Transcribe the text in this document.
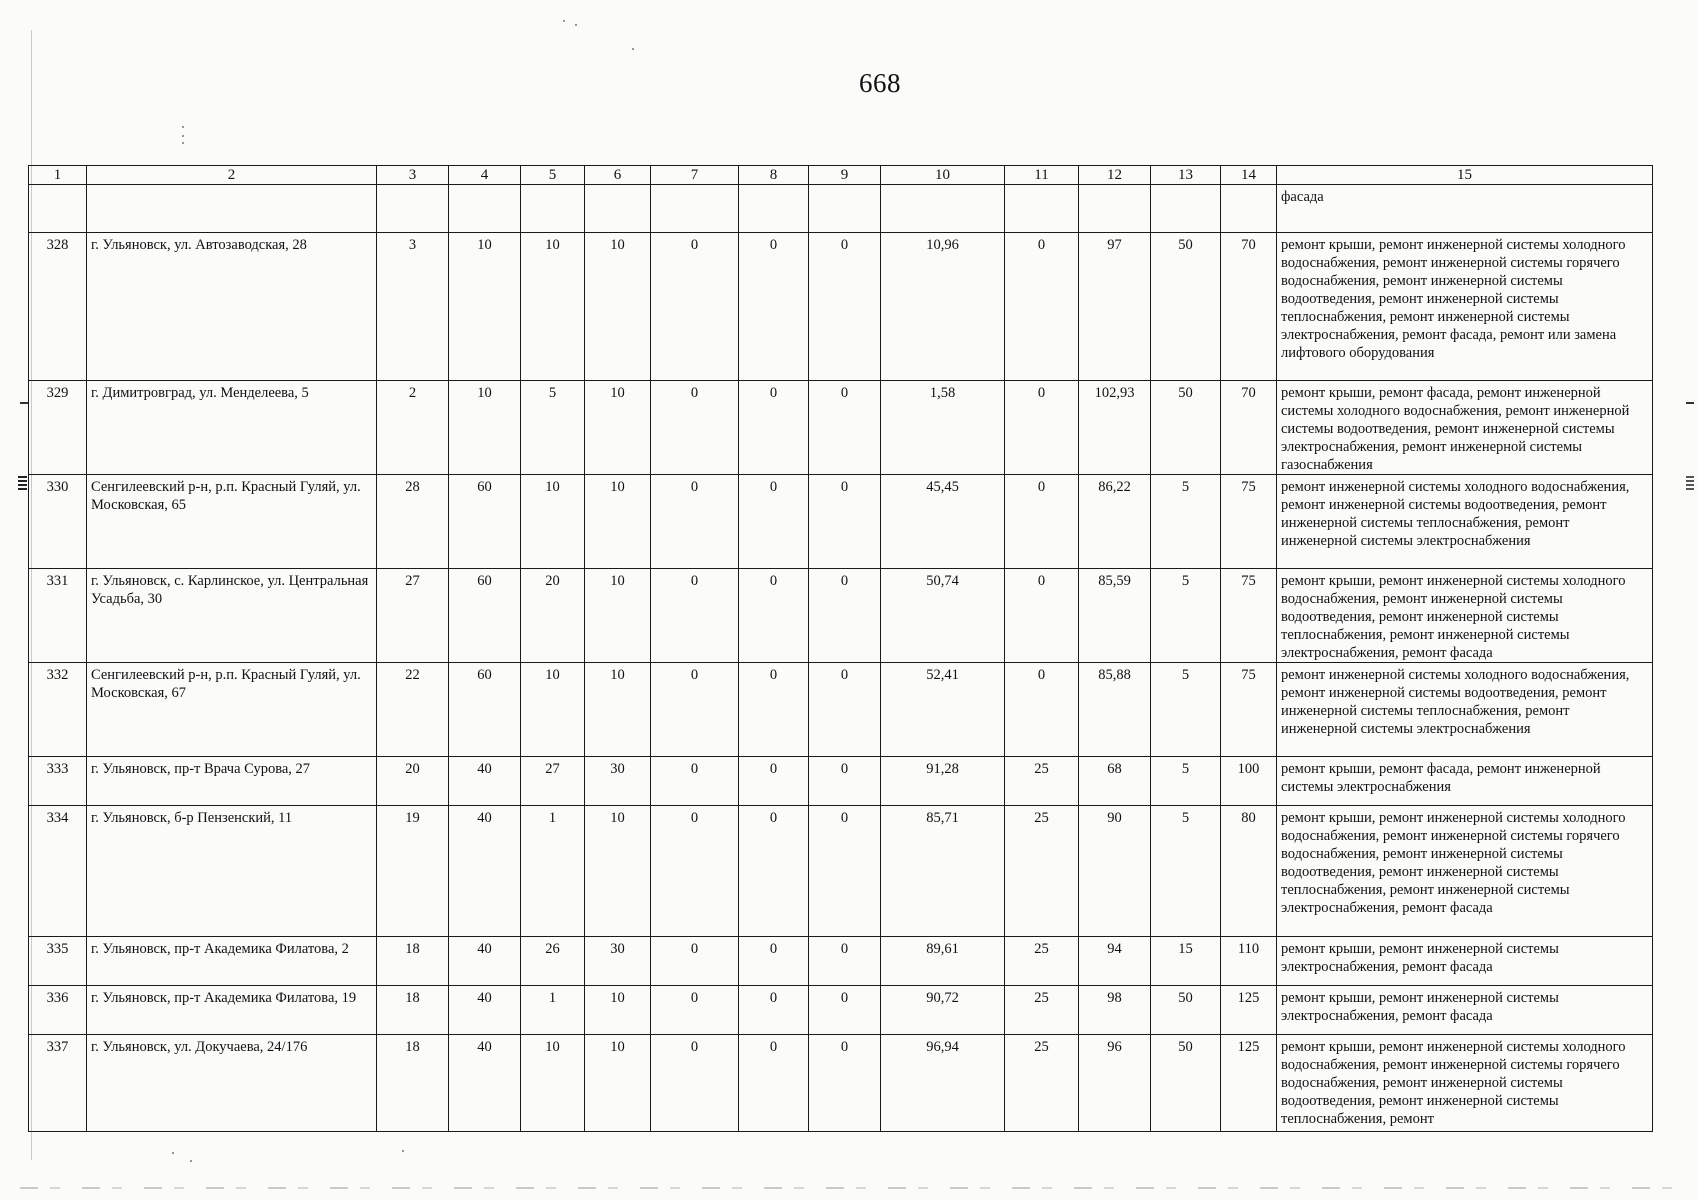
668
1	2	3	4	5	6	7	8	9	10	11	12	13	14	15
														фасада
328	г. Ульяновск, ул. Автозаводская, 28	3	10	10	10	0	0	0	10,96	0	97	50	70	ремонт крыши, ремонт инженерной системы холодного водоснабжения, ремонт инженерной системы горячего водоснабжения, ремонт инженерной системы водоотведения, ремонт инженерной системы теплоснабжения, ремонт инженерной системы электроснабжения, ремонт фасада, ремонт или замена лифтового оборудования
329	г. Димитровград, ул. Менделеева, 5	2	10	5	10	0	0	0	1,58	0	102,93	50	70	ремонт крыши, ремонт фасада, ремонт инженерной системы холодного водоснабжения, ремонт инженерной системы водоотведения, ремонт инженерной системы электроснабжения, ремонт инженерной системы газоснабжения
330	Сенгилеевский р-н, р.п. Красный Гуляй, ул. Московская, 65	28	60	10	10	0	0	0	45,45	0	86,22	5	75	ремонт инженерной системы холодного водоснабжения, ремонт инженерной системы водоотведения, ремонт инженерной системы теплоснабжения, ремонт инженерной системы электроснабжения
331	г. Ульяновск, с. Карлинское, ул. Центральная Усадьба, 30	27	60	20	10	0	0	0	50,74	0	85,59	5	75	ремонт крыши, ремонт инженерной системы холодного водоснабжения, ремонт инженерной системы водоотведения, ремонт инженерной системы теплоснабжения, ремонт инженерной системы электроснабжения, ремонт фасада
332	Сенгилеевский р-н, р.п. Красный Гуляй, ул. Московская, 67	22	60	10	10	0	0	0	52,41	0	85,88	5	75	ремонт инженерной системы холодного водоснабжения, ремонт инженерной системы водоотведения, ремонт инженерной системы теплоснабжения, ремонт инженерной системы электроснабжения
333	г. Ульяновск, пр-т Врача Сурова, 27	20	40	27	30	0	0	0	91,28	25	68	5	100	ремонт крыши, ремонт фасада, ремонт инженерной системы электроснабжения
334	г. Ульяновск, б-р Пензенский, 11	19	40	1	10	0	0	0	85,71	25	90	5	80	ремонт крыши, ремонт инженерной системы холодного водоснабжения, ремонт инженерной системы горячего водоснабжения, ремонт инженерной системы водоотведения, ремонт инженерной системы теплоснабжения, ремонт инженерной системы электроснабжения, ремонт фасада
335	г. Ульяновск, пр-т Академика Филатова, 2	18	40	26	30	0	0	0	89,61	25	94	15	110	ремонт крыши, ремонт инженерной системы электроснабжения, ремонт фасада
336	г. Ульяновск, пр-т Академика Филатова, 19	18	40	1	10	0	0	0	90,72	25	98	50	125	ремонт крыши, ремонт инженерной системы электроснабжения, ремонт фасада
337	г. Ульяновск, ул. Докучаева, 24/176	18	40	10	10	0	0	0	96,94	25	96	50	125	ремонт крыши, ремонт инженерной системы холодного водоснабжения, ремонт инженерной системы горячего водоснабжения, ремонт инженерной системы водоотведения, ремонт инженерной системы теплоснабжения, ремонт
